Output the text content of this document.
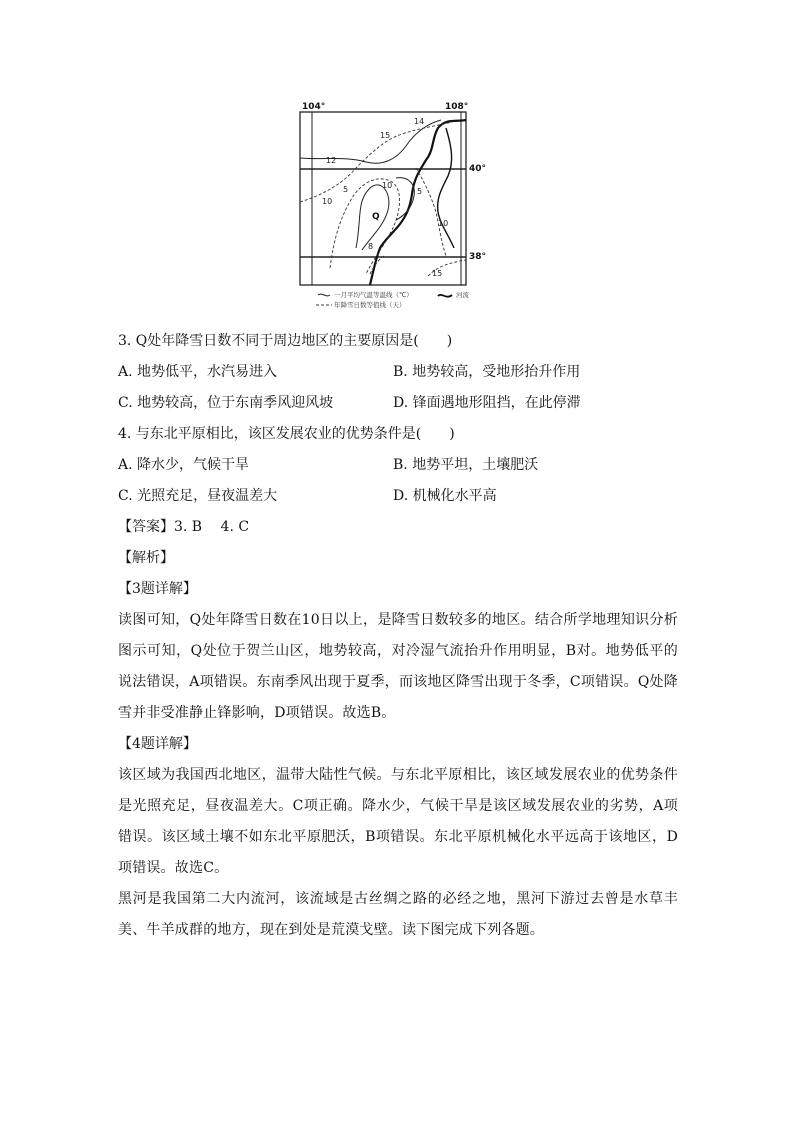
104°	108°
40°
38°
15
14
12
5
10
5
10
8
15
10
Q
一月平均气温等温线（℃）	河流
年降雪日数等值线（天）
3. Q处年降雪日数不同于周边地区的主要原因是(　　)
A. 地势低平，水汽易进入	B. 地势较高，受地形抬升作用
C. 地势较高，位于东南季风迎风坡	D. 锋面遇地形阻挡，在此停滞
4. 与东北平原相比，该区发展农业的优势条件是(　　)
A. 降水少，气候干旱	B. 地势平坦，土壤肥沃
C. 光照充足，昼夜温差大	D. 机械化水平高
【答案】3. B　 4. C
【解析】
【3题详解】
读图可知，Q处年降雪日数在10日以上，是降雪日数较多的地区。结合所学地理知识分析图示可知，Q处位于贺兰山区，地势较高，对冷湿气流抬升作用明显，B对。地势低平的说法错误，A项错误。东南季风出现于夏季，而该地区降雪出现于冬季，C项错误。Q处降雪并非受准静止锋影响，D项错误。故选B。
【4题详解】
该区域为我国西北地区，温带大陆性气候。与东北平原相比，该区域发展农业的优势条件是光照充足，昼夜温差大。C项正确。降水少，气候干旱是该区域发展农业的劣势，A项错误。该区域土壤不如东北平原肥沃，B项错误。东北平原机械化水平远高于该地区，D项错误。故选C。
黑河是我国第二大内流河，该流域是古丝绸之路的必经之地，黑河下游过去曾是水草丰美、牛羊成群的地方，现在到处是荒漠戈壁。读下图完成下列各题。
